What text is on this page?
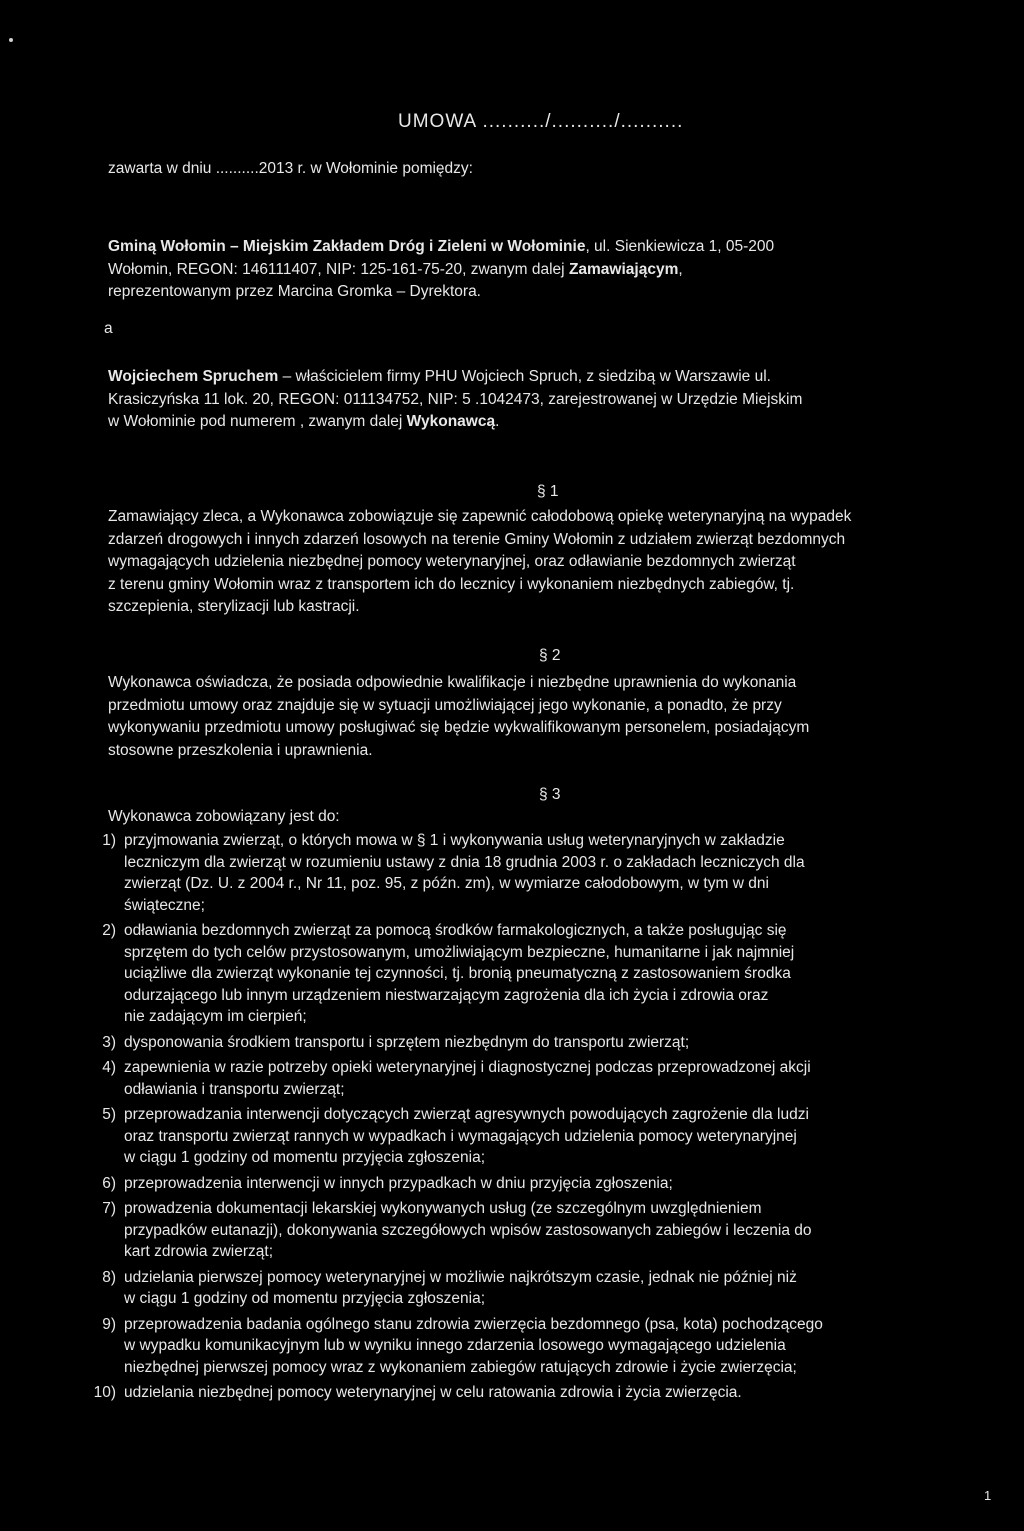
UMOWA ........../........../..........
zawarta w dniu ..........2013 r. w Wołominie pomiędzy:
Gminą Wołomin – Miejskim Zakładem Dróg i Zieleni w Wołominie, ul. Sienkiewicza 1, 05-200
Wołomin, REGON: 146111407, NIP: 125-161-75-20, zwanym dalej Zamawiającym,
reprezentowanym przez Marcina Gromka – Dyrektora.
a
Wojciechem Spruchem – właścicielem firmy PHU Wojciech Spruch, z siedzibą w Warszawie ul.
Krasiczyńska 11 lok. 20, REGON: 011134752, NIP: 5 .1042473, zarejestrowanej w Urzędzie Miejskim
w Wołominie pod numerem , zwanym dalej Wykonawcą.
§ 1
Zamawiający zleca, a Wykonawca zobowiązuje się zapewnić całodobową opiekę weterynaryjną na wypadek
zdarzeń drogowych i innych zdarzeń losowych na terenie Gminy Wołomin z udziałem zwierząt bezdomnych
wymagających udzielenia niezbędnej pomocy weterynaryjnej, oraz odławianie bezdomnych zwierząt
z terenu gminy Wołomin wraz z transportem ich do lecznicy i wykonaniem niezbędnych zabiegów, tj.
szczepienia, sterylizacji lub kastracji.
§ 2
Wykonawca oświadcza, że posiada odpowiednie kwalifikacje i niezbędne uprawnienia do wykonania
przedmiotu umowy oraz znajduje się w sytuacji umożliwiającej jego wykonanie, a ponadto, że przy
wykonywaniu przedmiotu umowy posługiwać się będzie wykwalifikowanym personelem, posiadającym
stosowne przeszkolenia i uprawnienia.
§ 3
Wykonawca zobowiązany jest do:
1) przyjmowania zwierząt, o których mowa w § 1 i wykonywania usług weterynaryjnych w zakładzie
leczniczym dla zwierząt w rozumieniu ustawy z dnia 18 grudnia 2003 r. o zakładach leczniczych dla
zwierząt (Dz. U. z 2004 r., Nr 11, poz. 95, z późn. zm), w wymiarze całodobowym, w tym w dni
świąteczne;
2) odławiania bezdomnych zwierząt za pomocą środków farmakologicznych, a także posługując się
sprzętem do tych celów przystosowanym, umożliwiającym bezpieczne, humanitarne i jak najmniej
uciążliwe dla zwierząt wykonanie tej czynności, tj. bronią pneumatyczną z zastosowaniem środka
odurzającego lub innym urządzeniem niestwarzającym zagrożenia dla ich życia i zdrowia oraz
nie zadającym im cierpień;
3) dysponowania środkiem transportu i sprzętem niezbędnym do transportu zwierząt;
4) zapewnienia w razie potrzeby opieki weterynaryjnej i diagnostycznej podczas przeprowadzonej akcji
odławiania i transportu zwierząt;
5) przeprowadzania interwencji dotyczących zwierząt agresywnych powodujących zagrożenie dla ludzi
oraz transportu zwierząt rannych w wypadkach i wymagających udzielenia pomocy weterynaryjnej
w ciągu 1 godziny od momentu przyjęcia zgłoszenia;
6) przeprowadzenia interwencji w innych przypadkach w dniu przyjęcia zgłoszenia;
7) prowadzenia dokumentacji lekarskiej wykonywanych usług (ze szczególnym uwzględnieniem
przypadków eutanazji), dokonywania szczegółowych wpisów zastosowanych zabiegów i leczenia do
kart zdrowia zwierząt;
8) udzielania pierwszej pomocy weterynaryjnej w możliwie najkrótszym czasie, jednak nie później niż
w ciągu 1 godziny od momentu przyjęcia zgłoszenia;
9) przeprowadzenia badania ogólnego stanu zdrowia zwierzęcia bezdomnego (psa, kota) pochodzącego
w wypadku komunikacyjnym lub w wyniku innego zdarzenia losowego wymagającego udzielenia
niezbędnej pierwszej pomocy wraz z wykonaniem zabiegów ratujących zdrowie i życie zwierzęcia;
10) udzielania niezbędnej pomocy weterynaryjnej w celu ratowania zdrowia i życia zwierzęcia.
1
